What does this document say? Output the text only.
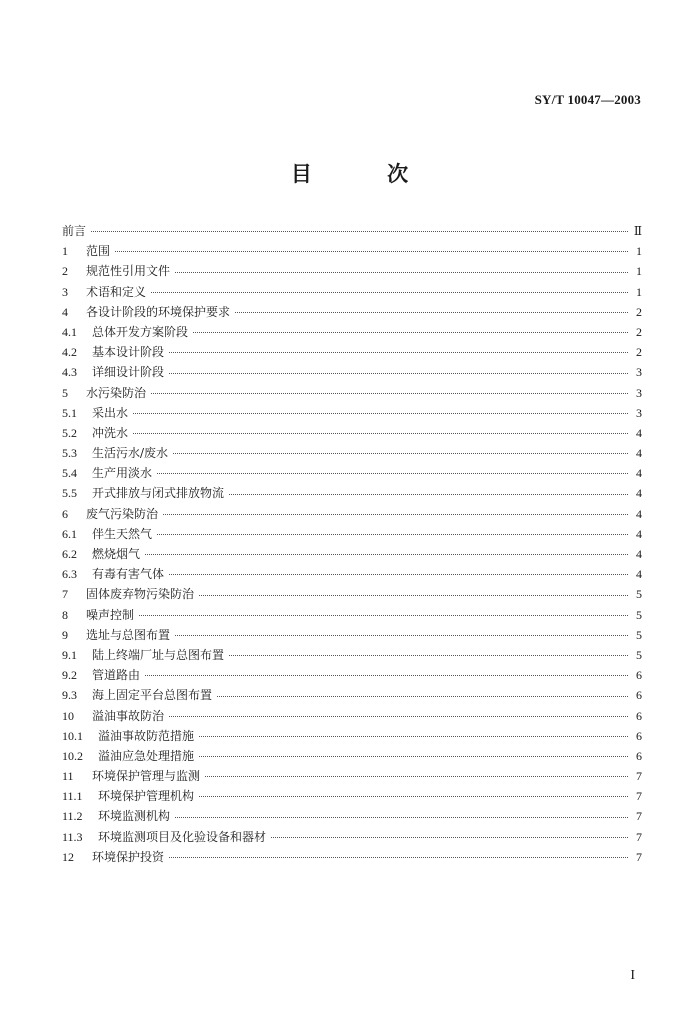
SY/T 10047—2003
目 次
前言	Ⅱ
1	范围	1
2	规范性引用文件	1
3	术语和定义	1
4	各设计阶段的环境保护要求	2
4.1	总体开发方案阶段	2
4.2	基本设计阶段	2
4.3	详细设计阶段	3
5	水污染防治	3
5.1	采出水	3
5.2	冲洗水	4
5.3	生活污水/废水	4
5.4	生产用淡水	4
5.5	开式排放与闭式排放物流	4
6	废气污染防治	4
6.1	伴生天然气	4
6.2	燃烧烟气	4
6.3	有毒有害气体	4
7	固体废弃物污染防治	5
8	噪声控制	5
9	选址与总图布置	5
9.1	陆上终端厂址与总图布置	5
9.2	管道路由	6
9.3	海上固定平台总图布置	6
10	溢油事故防治	6
10.1	溢油事故防范措施	6
10.2	溢油应急处理措施	6
11	环境保护管理与监测	7
11.1	环境保护管理机构	7
11.2	环境监测机构	7
11.3	环境监测项目及化验设备和器材	7
12	环境保护投资	7
I
